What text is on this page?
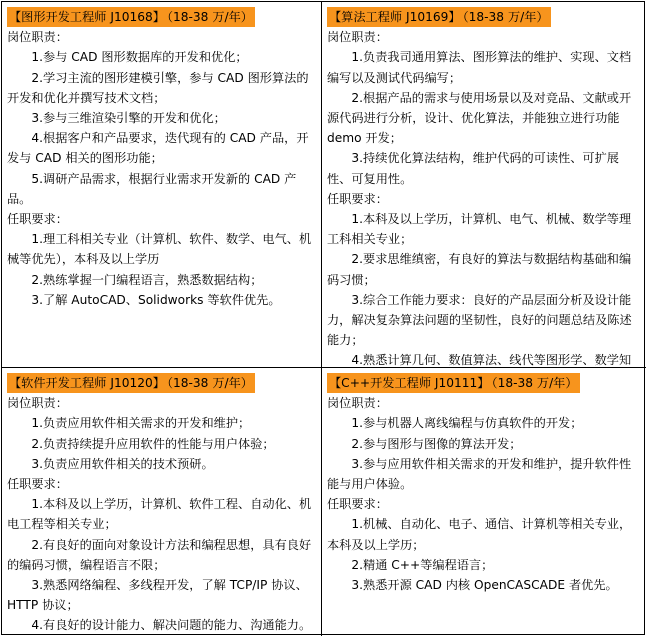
【图形开发工程师 J10168】 （18-38 万/年）

岗位职责：

1.参与 CAD 图形数据库的开发和优化；

2.学习主流的图形建模引擎，参与 CAD 图形算法的开发和优化并撰写技术文档；

3.参与三维渲染引擎的开发和优化；

4.根据客户和产品要求，迭代现有的 CAD 产品，开发与 CAD 相关的图形功能；

5.调研产品需求，根据行业需求开发新的 CAD 产品。

任职要求：

1.理工科相关专业（计算机、软件、数学、电气、机械等优先），本科及以上学历

2.熟练掌握一门编程语言，熟悉数据结构；

3.了解 AutoCAD、Solidworks 等软件优先。

【算法工程师 J10169】 （18-38 万/年）

岗位职责：

1.负责我司通用算法、图形算法的维护、实现、文档编写以及测试代码编写；

2.根据产品的需求与使用场景以及对竞品、文献或开源代码进行分析，设计、优化算法，并能独立进行功能 demo 开发；

3.持续优化算法结构，维护代码的可读性、可扩展性、可复用性。

任职要求：

1.本科及以上学历，计算机、电气、机械、数学等理工科相关专业；

2.要求思维缜密，有良好的算法与数据结构基础和编码习惯；

3.综合工作能力要求：良好的产品层面分析及设计能力，解决复杂算法问题的坚韧性，良好的问题总结及陈述能力；

4.熟悉计算几何、数值算法、线代等图形学、数学知

【软件开发工程师 J10120】 （18-38 万/年）

岗位职责：

1.负责应用软件相关需求的开发和维护；

2.负责持续提升应用软件的性能与用户体验；

3.负责应用软件相关的技术预研。

任职要求：

1.本科及以上学历，计算机、软件工程、自动化、机电工程等相关专业；

2.有良好的面向对象设计方法和编程思想，具有良好的编码习惯，编程语言不限；

3.熟悉网络编程、多线程开发，了解 TCP/IP 协议、HTTP 协议；

4.有良好的设计能力、解决问题的能力、沟通能力。

【C++开发工程师 J10111】 （18-38 万/年）

岗位职责：

1.参与机器人离线编程与仿真软件的开发；

2.参与图形与图像的算法开发；

3.参与应用软件相关需求的开发和维护，提升软件性能与用户体验。

任职要求：

1.机械、自动化、电子、通信、计算机等相关专业，本科及以上学历；

2.精通 C++等编程语言；

3.熟悉开源 CAD 内核 OpenCASCADE 者优先。
